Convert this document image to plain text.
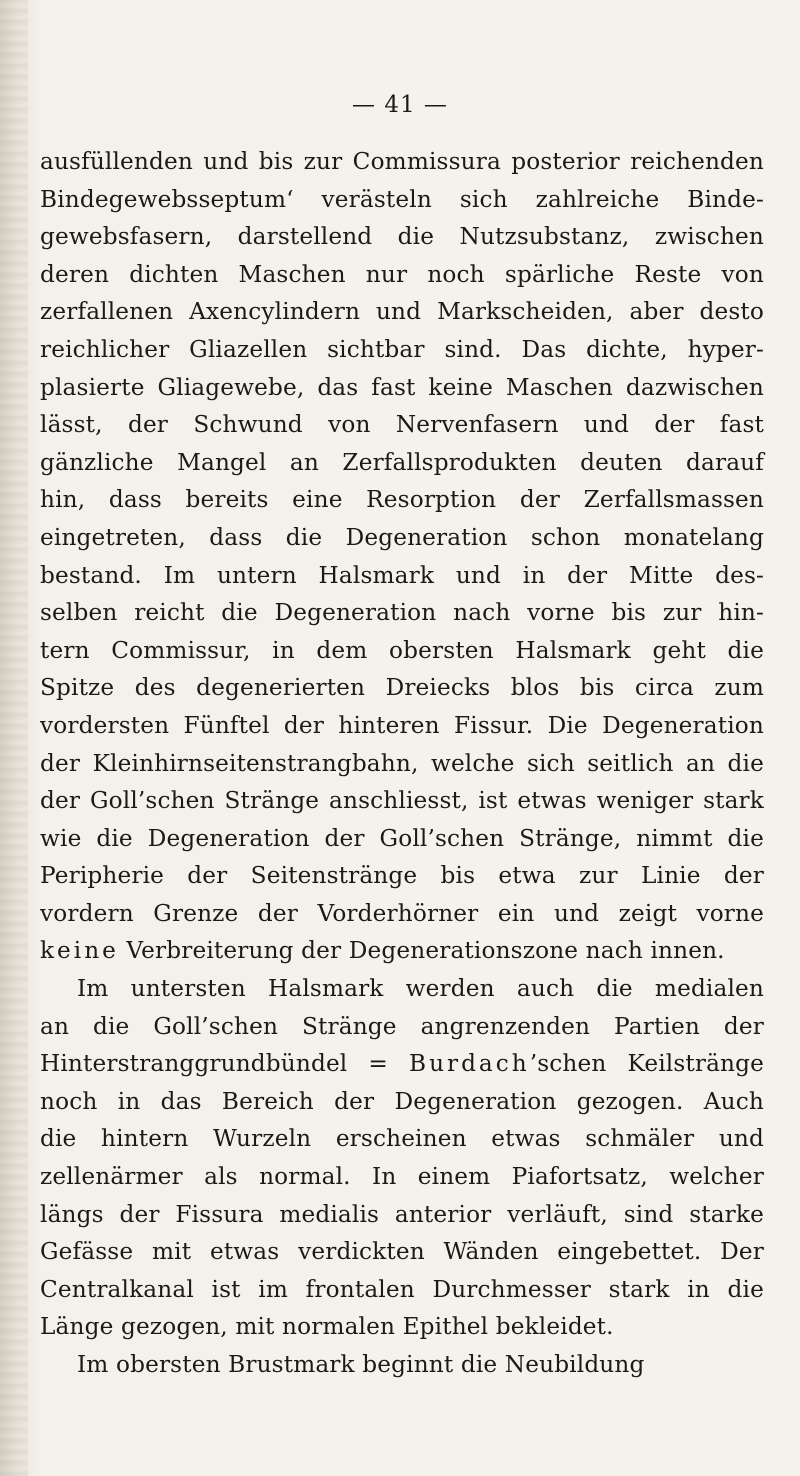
— 41 —
ausfüllenden und bis zur Commissura posterior reichenden
Bindegewebsseptum‘ verästeln sich zahlreiche Binde-
gewebsfasern, darstellend die Nutzsubstanz, zwischen
deren dichten Maschen nur noch spärliche Reste von
zerfallenen Axencylindern und Markscheiden, aber desto
reichlicher Gliazellen sichtbar sind. Das dichte, hyper-
plasierte Gliagewebe, das fast keine Maschen dazwischen
lässt, der Schwund von Nervenfasern und der fast
gänzliche Mangel an Zerfallsprodukten deuten darauf
hin, dass bereits eine Resorption der Zerfallsmassen
eingetreten, dass die Degeneration schon monatelang
bestand. Im untern Halsmark und in der Mitte des-
selben reicht die Degeneration nach vorne bis zur hin-
tern Commissur, in dem obersten Halsmark geht die
Spitze des degenerierten Dreiecks blos bis circa zum
vordersten Fünftel der hinteren Fissur. Die Degeneration
der Kleinhirnseitenstrangbahn, welche sich seitlich an die
der Goll’schen Stränge anschliesst, ist etwas weniger stark
wie die Degeneration der Goll’schen Stränge, nimmt die
Peripherie der Seitenstränge bis etwa zur Linie der
vordern Grenze der Vorderhörner ein und zeigt vorne
keine Verbreiterung der Degenerationszone nach innen.
Im untersten Halsmark werden auch die medialen
an die Goll’schen Stränge angrenzenden Partien der
Hinterstranggrundbündel = Burdach’schen Keilstränge
noch in das Bereich der Degeneration gezogen. Auch
die hintern Wurzeln erscheinen etwas schmäler und
zellenärmer als normal. In einem Piafortsatz, welcher
längs der Fissura medialis anterior verläuft, sind starke
Gefässe mit etwas verdickten Wänden eingebettet. Der
Centralkanal ist im frontalen Durchmesser stark in die
Länge gezogen, mit normalen Epithel bekleidet.
Im obersten Brustmark beginnt die Neubildung
